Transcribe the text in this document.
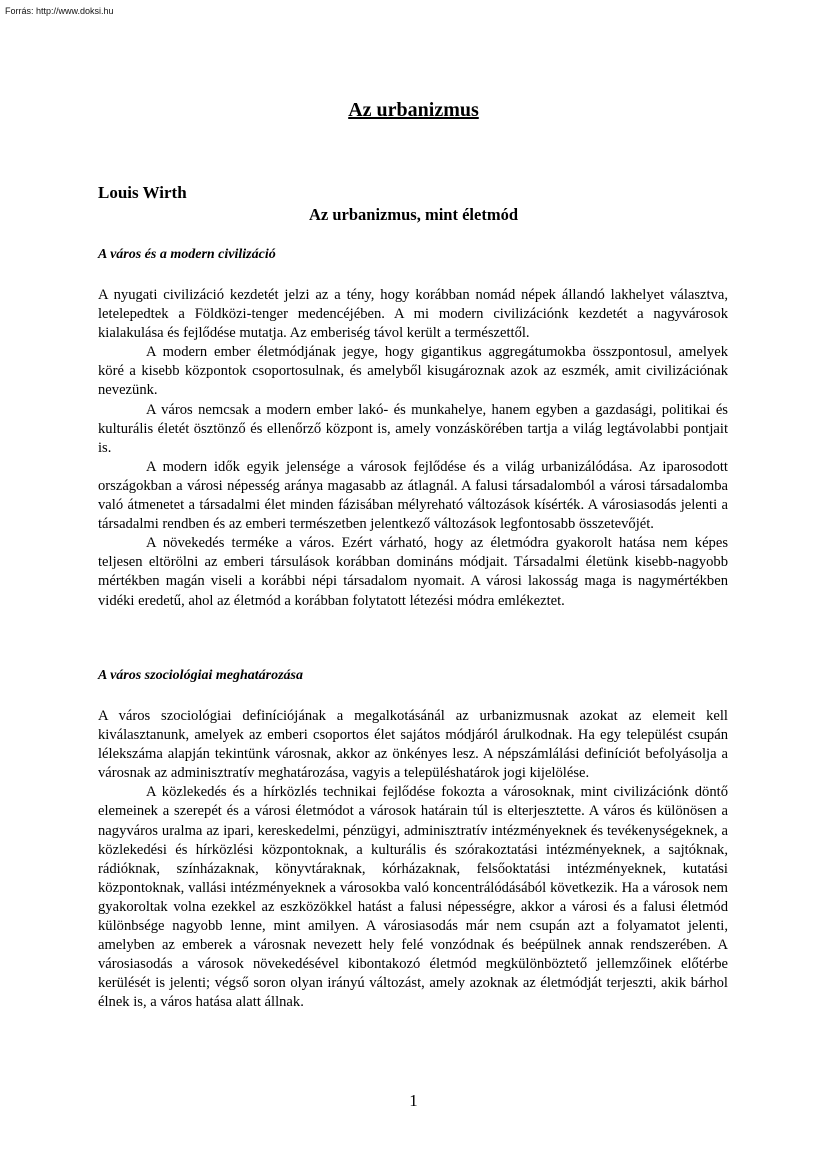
Forrás: http://www.doksi.hu
Az urbanizmus
Louis Wirth
Az urbanizmus, mint életmód
A város és a modern civilizáció

A nyugati civilizáció kezdetét jelzi az a tény, hogy korábban nomád népek állandó lakhelyet választva, letelepedtek a Földközi-tenger medencéjében. A mi modern civilizációnk kezdetét a nagyvárosok kialakulása és fejlődése mutatja. Az emberiség távol került a természettől.

A modern ember életmódjának jegye, hogy gigantikus aggregátumokba összpontosul, amelyek köré a kisebb központok csoportosulnak, és amelyből kisugároznak azok az eszmék, amit civilizációnak nevezünk.

A város nemcsak a modern ember lakó- és munkahelye, hanem egyben a gazdasági, politikai és kulturális életét ösztönző és ellenőrző központ is, amely vonzáskörében tartja a világ legtávolabbi pontjait is.

A modern idők egyik jelensége a városok fejlődése és a világ urbanizálódása. Az iparosodott országokban a városi népesség aránya magasabb az átlagnál. A falusi társadalomból a városi társadalomba való átmenetet a társadalmi élet minden fázisában mélyreható változások kísérték. A városiasodás jelenti a társadalmi rendben és az emberi természetben jelentkező változások legfontosabb összetevőjét.

A növekedés terméke a város. Ezért várható, hogy az életmódra gyakorolt hatása nem képes teljesen eltörölni az emberi társulások korábban domináns módjait. Társadalmi életünk kisebb-nagyobb mértékben magán viseli a korábbi népi társadalom nyomait. A városi lakosság maga is nagymértékben vidéki eredetű, ahol az életmód a korábban folytatott létezési módra emlékeztet.

A város szociológiai meghatározása

A város szociológiai definíciójának a megalkotásánál az urbanizmusnak azokat az elemeit kell kiválasztanunk, amelyek az emberi csoportos élet sajátos módjáról árulkodnak. Ha egy települést csupán lélekszáma alapján tekintünk városnak, akkor az önkényes lesz. A népszámlálási definíciót befolyásolja a városnak az adminisztratív meghatározása, vagyis a településhatárok jogi kijelölése.

A közlekedés és a hírközlés technikai fejlődése fokozta a városoknak, mint civilizációnk döntő elemeinek a szerepét és a városi életmódot a városok határain túl is elterjesztette. A város és különösen a nagyváros uralma az ipari, kereskedelmi, pénzügyi, adminisztratív intézményeknek és tevékenységeknek, a közlekedési és hírközlési központoknak, a kulturális és szórakoztatási intézményeknek, a sajtóknak, rádióknak, színházaknak, könyvtáraknak, kórházaknak, felsőoktatási intézményeknek, kutatási központoknak, vallási intézményeknek a városokba való koncentrálódásából következik. Ha a városok nem gyakoroltak volna ezekkel az eszközökkel hatást a falusi népességre, akkor a városi és a falusi életmód különbsége nagyobb lenne, mint amilyen. A városiasodás már nem csupán azt a folyamatot jelenti, amelyben az emberek a városnak nevezett hely felé vonzódnak és beépülnek annak rendszerében. A városiasodás a városok növekedésével kibontakozó életmód megkülönböztető jellemzőinek előtérbe kerülését is jelenti; végső soron olyan irányú változást, amely azoknak az életmódját terjeszti, akik bárhol élnek is, a város hatása alatt állnak.

1
